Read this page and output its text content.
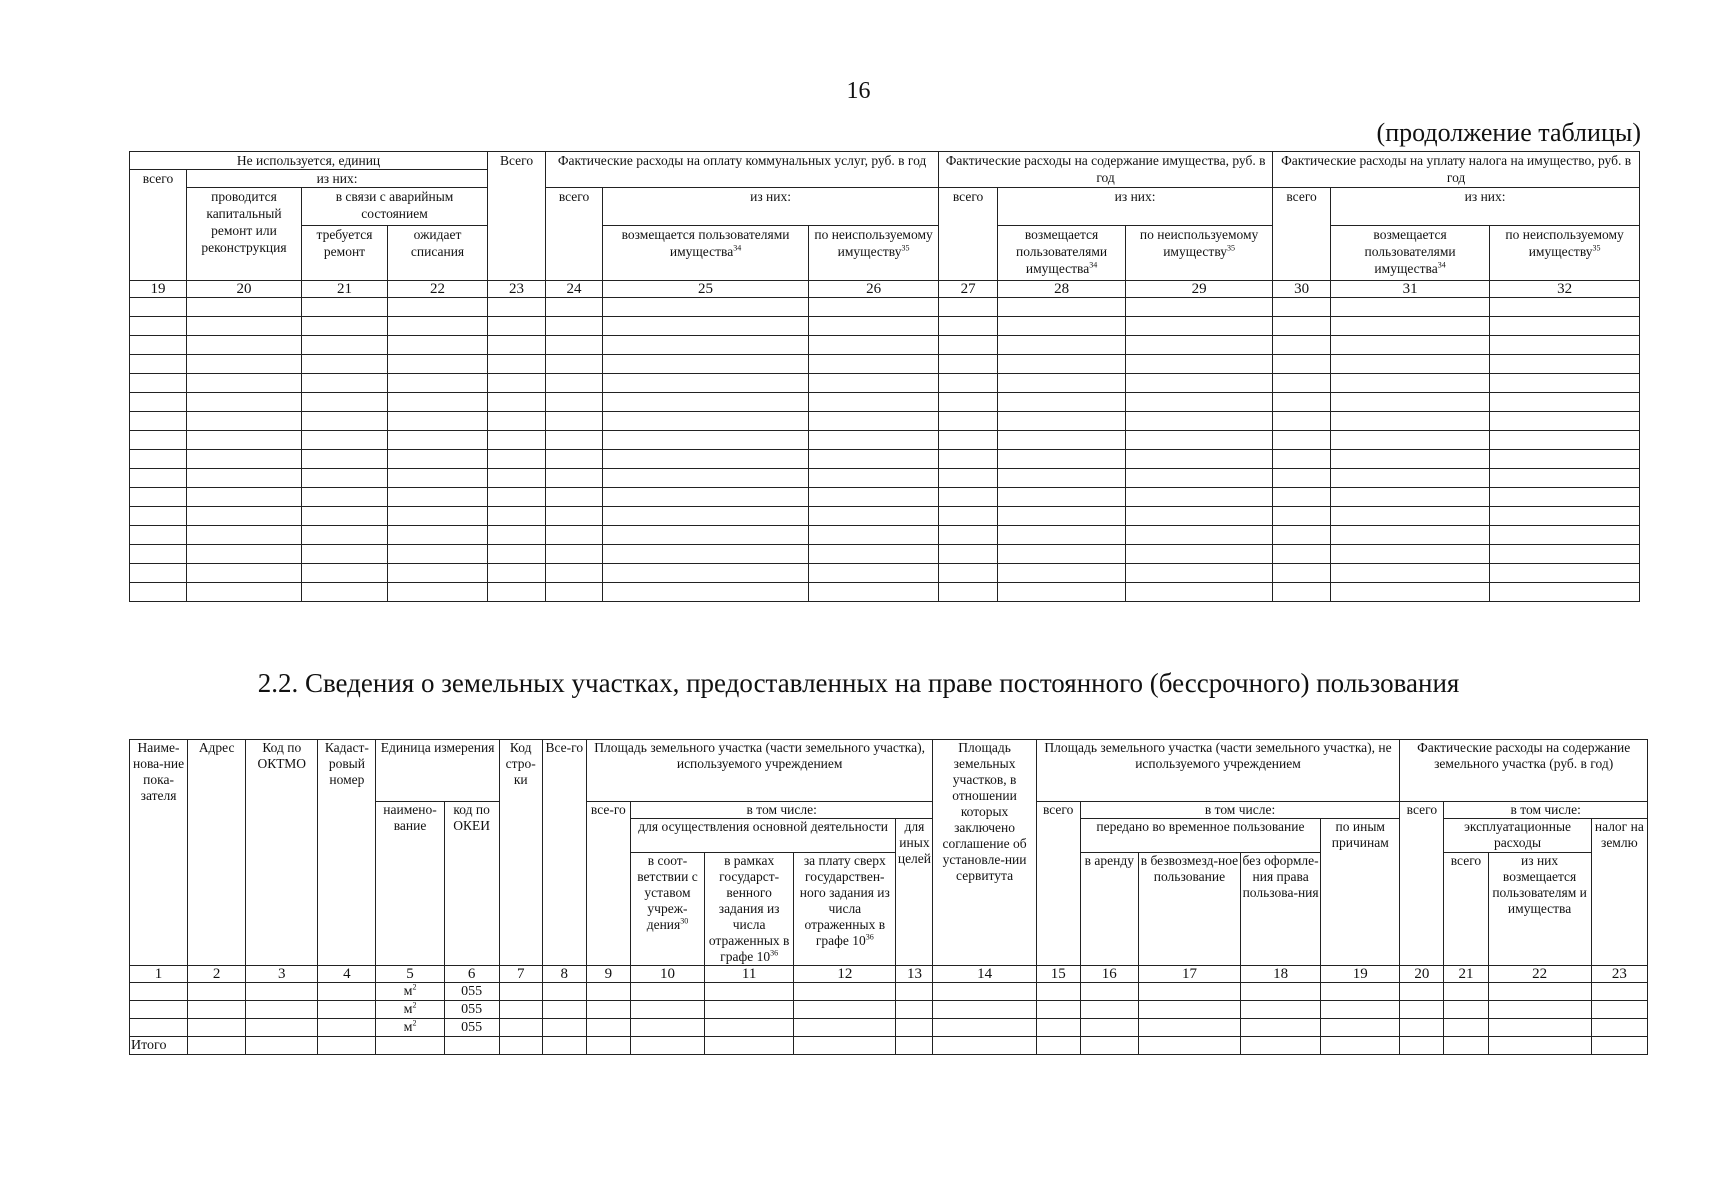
16
(продолжение таблицы)
Не используется, единиц				Всего	Фактические расходы на оплату коммунальных услуг, руб. в год			Фактические расходы на содержание имущества, руб. в год			Фактические расходы на уплату налога на имущество, руб. в год		
всего	из них:												
	проводится капитальный ремонт или реконструкция	в связи с аварийным состоянием			всего	из них:		всего	из них:		всего	из них:	
		требуется ремонт	ожидает списания			возмещается пользователями имущества$^{34}$	по неиспользуемому имуществу$^{35}$		возмещается пользователями имущества$^{34}$	по неиспользуемому имуществу$^{35}$		возмещается пользователями имущества$^{34}$	по неиспользуемому имуществу$^{35}$
19	20	21	22	23	24	25	26	27	28	29	30	31	32

2.2. Сведения о земельных участках, предоставленных на праве постоянного (бессрочного) пользования
Наиме-нова-ние пока-зателя	Адрес	Код по ОКТМО	Кадаст-ровый номер	Единица измерения		Код стро-ки	Все-го	Площадь земельного участка (части земельного участка), используемого учреждением					Площадь земельных участков, в отношении которых заключено соглашение об установле-нии сервитута	Площадь земельного участка (части земельного участка), не используемого учреждением					Фактические расходы на содержание земельного участка (руб. в год)			
				наимено-вание	код по ОКЕИ			все-го	в том числе:					всего	в том числе:				всего	в том числе:		
									для осуществления основной деятельности			для иных целей			передано во временное пользование			по иным причинам		эксплуатационные расходы		налог на землю
									в соот-ветствии с уставом учреж-дения$^{30}$	в рамках государст-венного задания из числа отраженных в графе $10^{36}$	за плату сверх государствен-ного задания из числа отраженных в графе $10^{36}$				в аренду	в безвозмезд-ное пользование	без оформле-ния права пользова-ния			всего	из них возмещается пользователям и имущества	

1	2	3	4	5	6	7	8	9	10	11	12	13	14	15	16	17	18	19	20	21	22	23
				$м^2$	055																	
				$м^2$	055																	
				$м^2$	055																	
Итого																						
